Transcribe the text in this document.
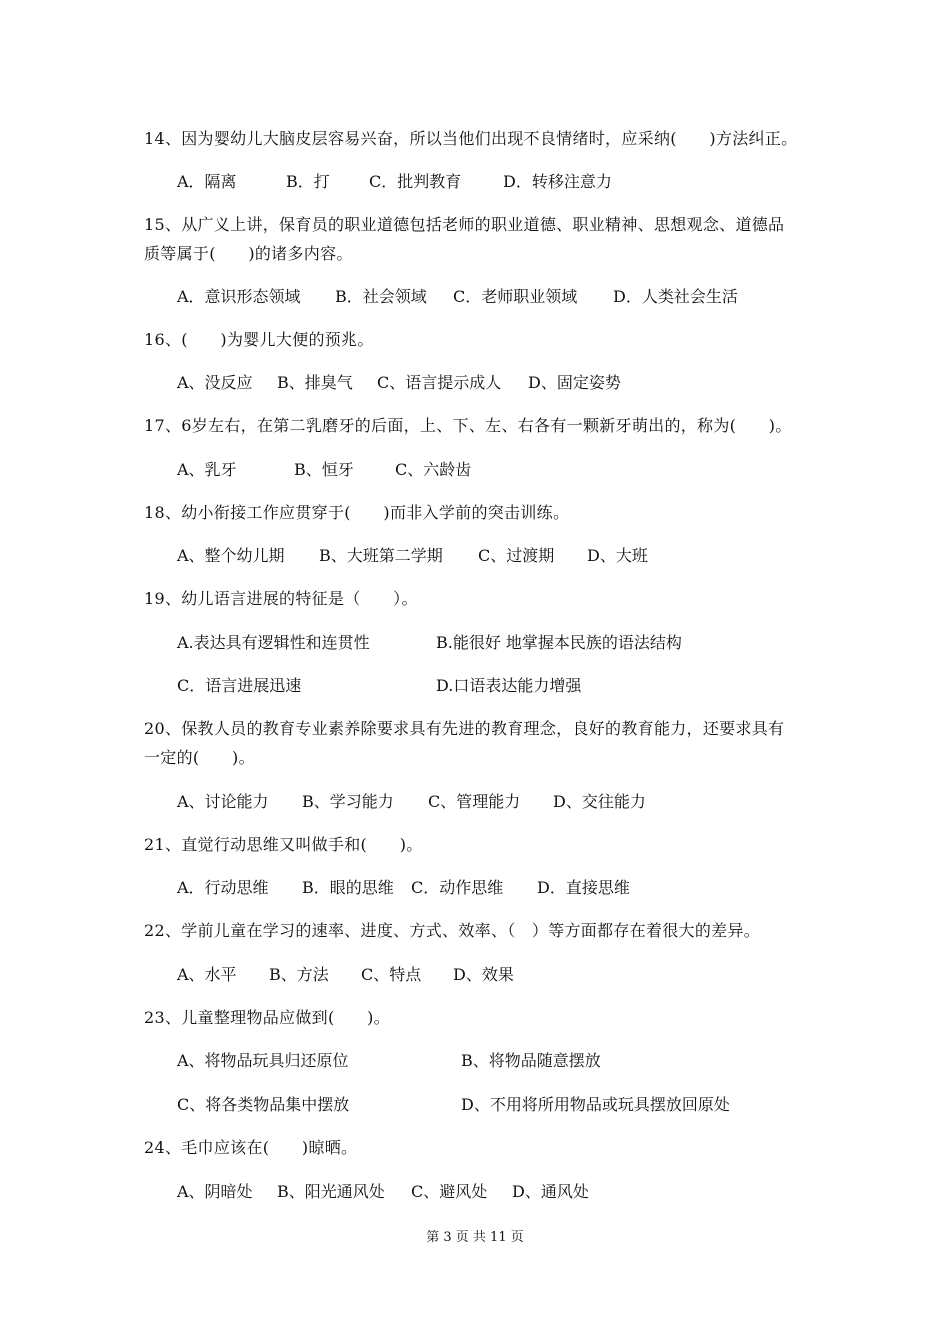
14、因为婴幼儿大脑皮层容易兴奋，所以当他们出现不良情绪时，应采纳(　　)方法纠正。
A．隔离	B．打 C．批判教育	D．转移注意力
15、从广义上讲，保育员的职业道德包括老师的职业道德、职业精神、思想观念、道德品
质等属于(　　)的诸多内容。
A．意识形态领域 B．社会领域 C．老师职业领域 D．人类社会生活
16、(　　)为婴儿大便的预兆。
A、没反应 B、排臭气 C、语言提示成人 D、固定姿势
17、6岁左右，在第二乳磨牙的后面，上、下、左、右各有一颗新牙萌出的，称为(　　)。
A、乳牙	B、恒牙	C、六龄齿
18、幼小衔接工作应贯穿于(　　)而非入学前的突击训练。
A、整个幼儿期 B、大班第二学期 C、过渡期 D、大班
19、幼儿语言进展的特征是（　　）。
A.表达具有逻辑性和连贯性	B.能很好 地掌握本民族的语法结构
C．语言进展迅速	D.口语表达能力增强
20、保教人员的教育专业素养除要求具有先进的教育理念，良好的教育能力，还要求具有
一定的(　　)。
A、讨论能力 B、学习能力 C、管理能力 D、交往能力
21、直觉行动思维又叫做手和(　　)。
A．行动思维 B．眼的思维 C．动作思维 D．直接思维
22、学前儿童在学习的速率、进度、方式、效率、（　）等方面都存在着很大的差异。
A、水平 B、方法 C、特点 D、效果
23、儿童整理物品应做到(　　)。
A、将物品玩具归还原位	B、将物品随意摆放
C、将各类物品集中摆放	D、不用将所用物品或玩具摆放回原处
24、毛巾应该在(　　)晾晒。
A、阴暗处 B、阳光通风处 C、避风处 D、通风处
第 3 页 共 11 页
